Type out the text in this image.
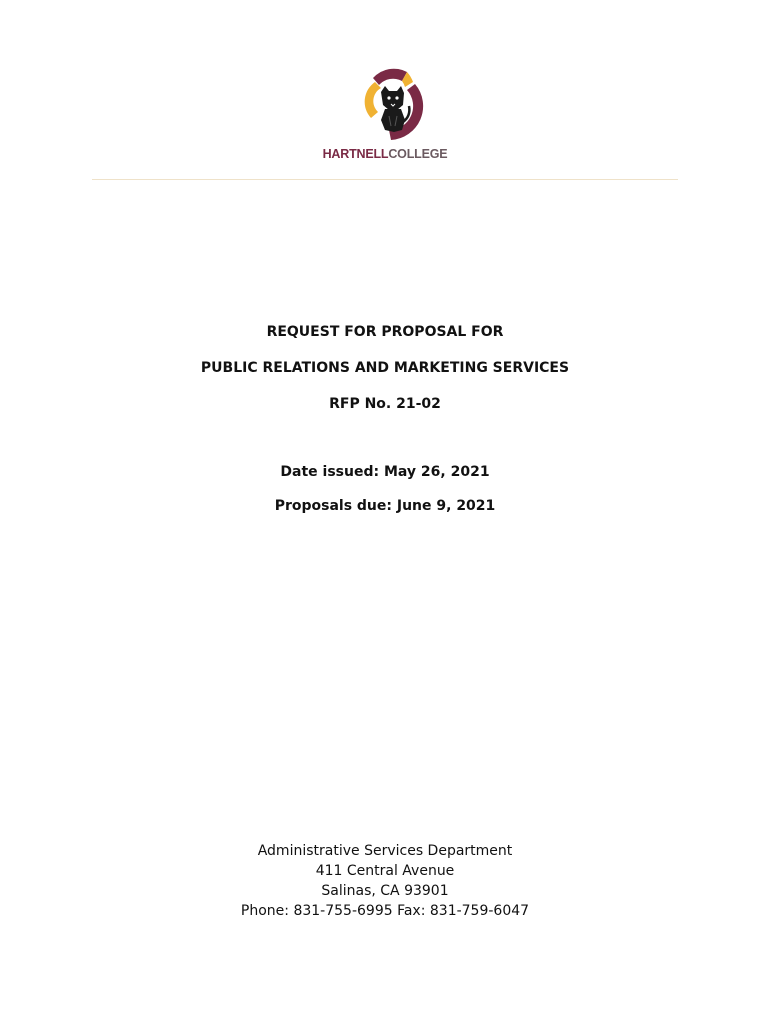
HARTNELLCOLLEGE
REQUEST FOR PROPOSAL FOR
PUBLIC RELATIONS AND MARKETING SERVICES
RFP No. 21-02
Date issued: May 26, 2021
Proposals due: June 9, 2021
Administrative Services Department
411 Central Avenue
Salinas, CA 93901
Phone: 831-755-6995 Fax: 831-759-6047
